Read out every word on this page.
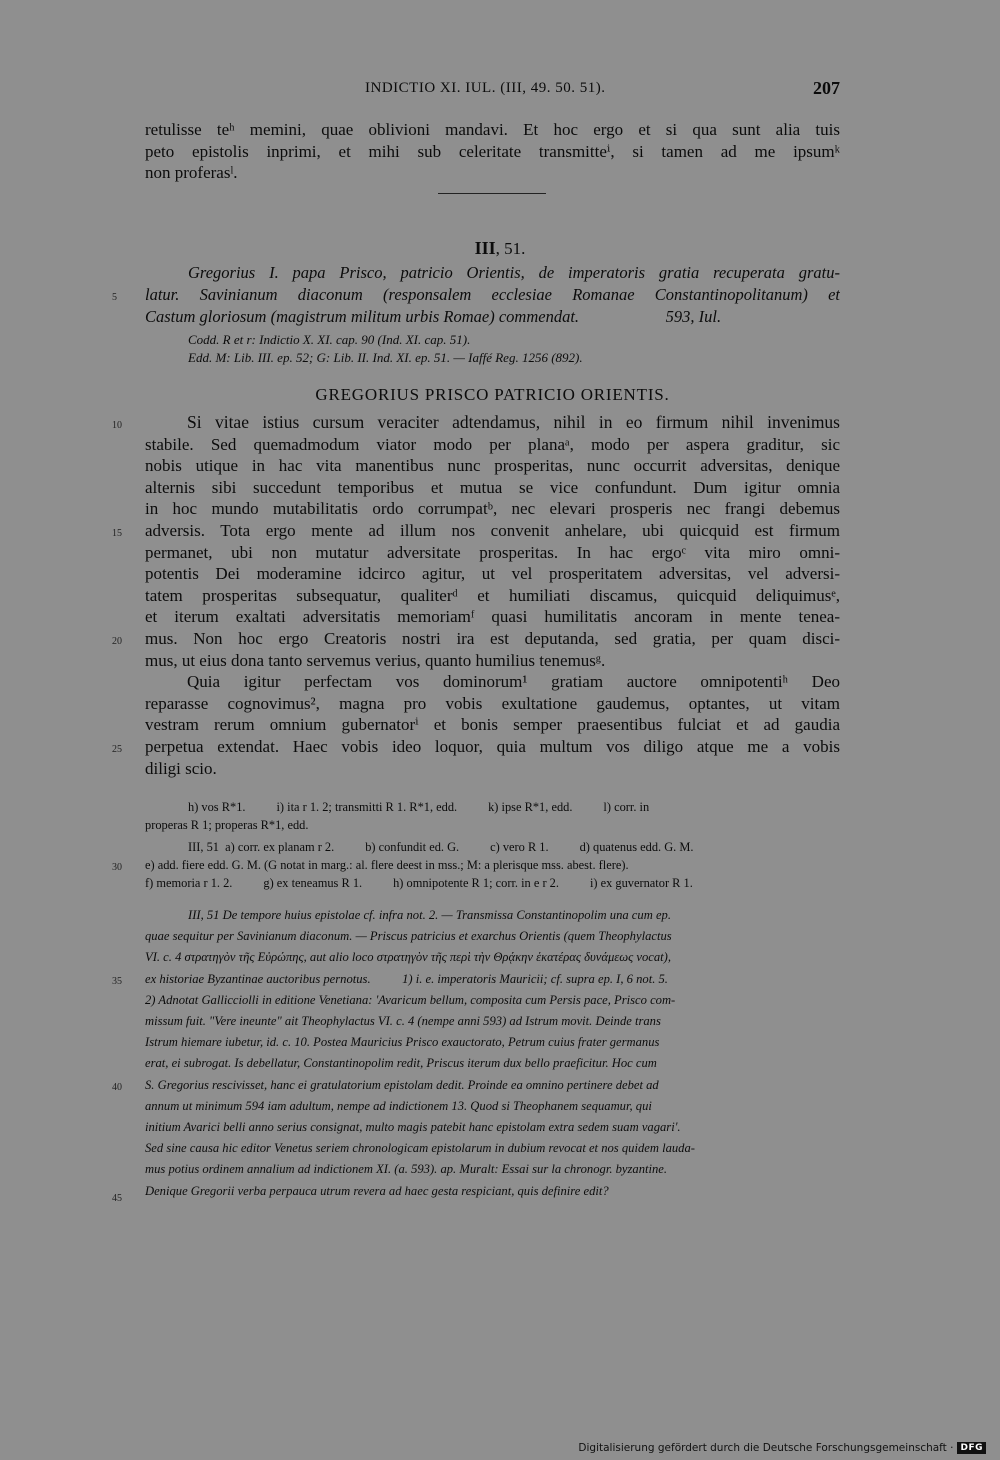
INDICTIO XI. IUL. (III, 49. 50. 51).	207
retulisse teʰ memini, quae oblivioni mandavi. Et hoc ergo et si qua sunt alia tuis
peto epistolis inprimi, et mihi sub celeritate transmitteⁱ, si tamen ad me ipsumᵏ
non proferasˡ.
III, 51.
Gregorius I. papa Prisco, patricio Orientis, de imperatoris gratia recuperata gratu-
latur. Savinianum diaconum (responsalem ecclesiae Romanae Constantinopolitanum) et
Castum gloriosum (magistrum militum urbis Romae) commendat.                     593, Iul.
Codd. R et r: Indictio X. XI. cap. 90 (Ind. XI. cap. 51).
Edd. M: Lib. III. ep. 52; G: Lib. II. Ind. XI. ep. 51. — Iaffé Reg. 1256 (892).
GREGORIUS PRISCO PATRICIO ORIENTIS.
Si vitae istius cursum veraciter adtendamus, nihil in eo firmum nihil invenimus
stabile. Sed quemadmodum viator modo per planaᵃ, modo per aspera graditur, sic
nobis utique in hac vita manentibus nunc prosperitas, nunc occurrit adversitas, denique
alternis sibi succedunt temporibus et mutua se vice confundunt. Dum igitur omnia
in hoc mundo mutabilitatis ordo corrumpatᵇ, nec elevari prosperis nec frangi debemus
adversis. Tota ergo mente ad illum nos convenit anhelare, ubi quicquid est firmum
permanet, ubi non mutatur adversitate prosperitas. In hac ergoᶜ vita miro omni-
potentis Dei moderamine idcirco agitur, ut vel prosperitatem adversitas, vel adversi-
tatem prosperitas subsequatur, qualiterᵈ et humiliati discamus, quicquid deliquimusᵉ,
et iterum exaltati adversitatis memoriamᶠ quasi humilitatis ancoram in mente tenea-
mus. Non hoc ergo Creatoris nostri ira est deputanda, sed gratia, per quam disci-
mus, ut eius dona tanto servemus verius, quanto humilius tenemusᵍ.
Quia igitur perfectam vos dominorum¹ gratiam auctore omnipotentiʰ Deo
reparasse cognovimus², magna pro vobis exultatione gaudemus, optantes, ut vitam
vestram rerum omnium gubernatorⁱ et bonis semper praesentibus fulciat et ad gaudia
perpetua extendat. Haec vobis ideo loquor, quia multum vos diligo atque me a vobis
diligi scio.
h) vos R*1.          i) ita r 1. 2; transmitti R 1. R*1, edd.          k) ipse R*1, edd.          l) corr. in
properas R 1; properas R*1, edd.
III, 51  a) corr. ex planam r 2.          b) confundit ed. G.          c) vero R 1.          d) quatenus edd. G. M.
e) add. fiere edd. G. M. (G notat in marg.: al. flere deest in mss.; M: a plerisque mss. abest. flere).
f) memoria r 1. 2.          g) ex teneamus R 1.          h) omnipotente R 1; corr. in e r 2.          i) ex guvernator R 1.
III, 51 De tempore huius epistolae cf. infra not. 2. — Transmissa Constantinopolim una cum ep.
quae sequitur per Savinianum diaconum. — Priscus patricius et exarchus Orientis (quem Theophylactus
VI. c. 4 στρατηγὸν τῆς Εὐρώπης, aut alio loco στρατηγὸν τῆς περὶ τὴν Θρᾴκην ἑκατέρας δυνάμεως vocat),
ex historiae Byzantinae auctoribus pernotus.          1) i. e. imperatoris Mauricii; cf. supra ep. I, 6 not. 5.
2) Adnotat Gallicciolli in editione Venetiana: 'Avaricum bellum, composita cum Persis pace, Prisco com-
missum fuit. "Vere ineunte" ait Theophylactus VI. c. 4 (nempe anni 593) ad Istrum movit. Deinde trans
Istrum hiemare iubetur, id. c. 10. Postea Mauricius Prisco exauctorato, Petrum cuius frater germanus
erat, ei subrogat. Is debellatur, Constantinopolim redit, Priscus iterum dux bello praeficitur. Hoc cum
S. Gregorius rescivisset, hanc ei gratulatorium epistolam dedit. Proinde ea omnino pertinere debet ad
annum ut minimum 594 iam adultum, nempe ad indictionem 13. Quod si Theophanem sequamur, qui
initium Avarici belli anno serius consignat, multo magis patebit hanc epistolam extra sedem suam vagari'.
Sed sine causa hic editor Venetus seriem chronologicam epistolarum in dubium revocat et nos quidem lauda-
mus potius ordinem annalium ad indictionem XI. (a. 593). ap. Muralt: Essai sur la chronogr. byzantine.
Denique Gregorii verba perpauca utrum revera ad haec gesta respiciant, quis definire edit?
5
10
15
20
25
30
35
40
45
Digitalisierung gefördert durch die Deutsche Forschungsgemeinschaft · DFG
